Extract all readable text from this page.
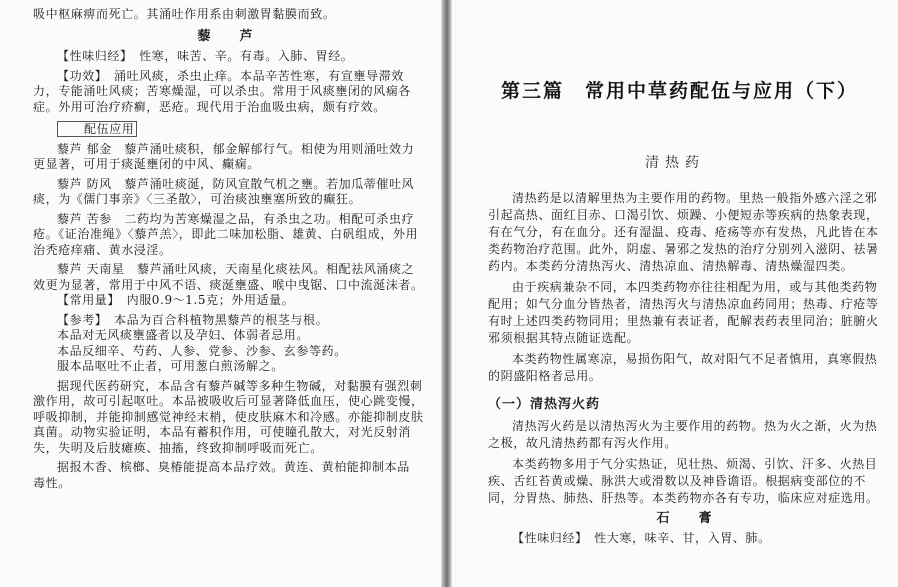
吸中枢麻痹而死亡。其涌吐作用系由刺激胃黏膜而致。

藜　芦

【性味归经】　性寒，味苦、辛。有毒。入肺、胃经。

【功效】　涌吐风痰，杀虫止痒。本品辛苦性寒，有宣壅导滞效

力，专能涌吐风痰；苦寒燥湿，可以杀虫。常用于风痰壅闭的风痫各

症。外用可治疗疥癣，恶疮。现代用于治血吸虫病，颇有疗效。

配伍应用

藜芦 郁金　藜芦涌吐痰积，郁金解郁行气。相使为用则涌吐效力

更显著，可用于痰涎壅闭的中风、癫痫。

藜芦 防风　藜芦涌吐痰涎，防风宣散气机之壅。若加瓜蒂催吐风

痰，为《儒门事亲》〈三圣散〉，可治痰浊壅塞所致的癫狂。

藜芦 苦参　二药均为苦寒燥湿之品，有杀虫之功。相配可杀虫疗

疮。《证治准绳》〈藜芦羔〉，即此二味加松脂、雄黄、白矾组成，外用

治秃疮痒痛、黄水浸淫。

藜芦 天南星　藜芦涌吐风痰，天南星化痰祛风。相配祛风涌痰之

效更为显著，常用于中风不语、痰涎壅盛、喉中曳锯、口中流涎沫者。

【常用量】　内服0.9～1.5克；外用适量。

【参考】　本品为百合科植物黑藜芦的根茎与根。

本品对无风痰壅盛者以及孕妇、体弱者忌用。

本品反细辛、芍药、人参、党参、沙参、玄参等药。

服本品呕吐不止者，可用葱白煎汤解之。

据现代医药研究，本品含有藜芦碱等多种生物碱，对黏膜有强烈刺

激作用，故可引起呕吐。本品被吸收后可显著降低血压，使心跳变慢，

呼吸抑制，并能抑制感觉神经末梢，使皮肤麻木和冷感。亦能抑制皮肤

真菌。动物实验证明，本品有蓄积作用，可使瞳孔散大，对光反射消

失，失明及后肢瘫痪、抽搐，终致抑制呼吸而死亡。

据报木香、槟榔、臭椿能提高本品疗效。黄连、黄柏能抑制本品

毒性。

第三篇　常用中草药配伍与应用（下）
清热药

清热药是以清解里热为主要作用的药物。里热一般指外感六淫之邪

引起高热、面红目赤、口渴引饮、烦躁、小便短赤等疾病的热象表现，

有在气分，有在血分。还有湿温、疫毒、疮疡等亦有发热，凡此皆在本

类药物治疗范围。此外，阴虚、暑邪之发热的治疗分别列入滋阴、祛暑

药内。本类药分清热泻火、清热凉血、清热解毒、清热燥湿四类。

由于疾病兼杂不同，本四类药物亦往往相配为用，或与其他类药物

配用；如气分血分皆热者，清热泻火与清热凉血药同用；热毒、疔疮等

有时上述四类药物同用；里热兼有表证者，配解表药表里同治；脏腑火

邪须根据其特点随证选配。

本类药物性属寒凉，易损伤阳气，故对阳气不足者慎用，真寒假热

的阴盛阳格者忌用。

（一）清热泻火药

清热泻火药是以清热泻火为主要作用的药物。热为火之渐，火为热

之极，故凡清热药都有泻火作用。

本类药物多用于气分实热证，见壮热、烦渴、引饮、汗多、火热目

疾、舌红苔黄或燥、脉洪大或滑数以及神昏谵语。根据病变部位的不

同，分胃热、肺热、肝热等。本类药物亦各有专功，临床应对症选用。

石　膏

【性味归经】　性大寒，味辛、甘，入胃、肺。
